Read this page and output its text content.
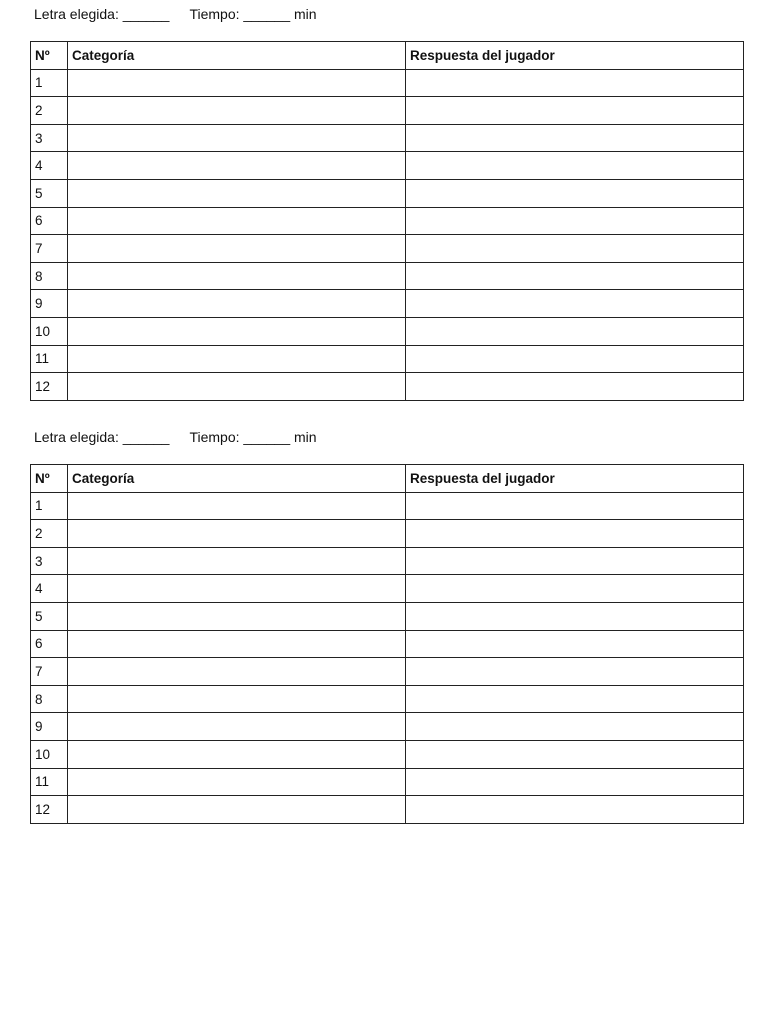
Letra elegida: ______ Tiempo: ______ min
Nº	Categoría	Respuesta del jugador
1		
2		
3		
4		
5		
6		
7		
8		
9		
10		
11		
12		
Letra elegida: ______ Tiempo: ______ min
Nº	Categoría	Respuesta del jugador
1		
2		
3		
4		
5		
6		
7		
8		
9		
10		
11		
12		
